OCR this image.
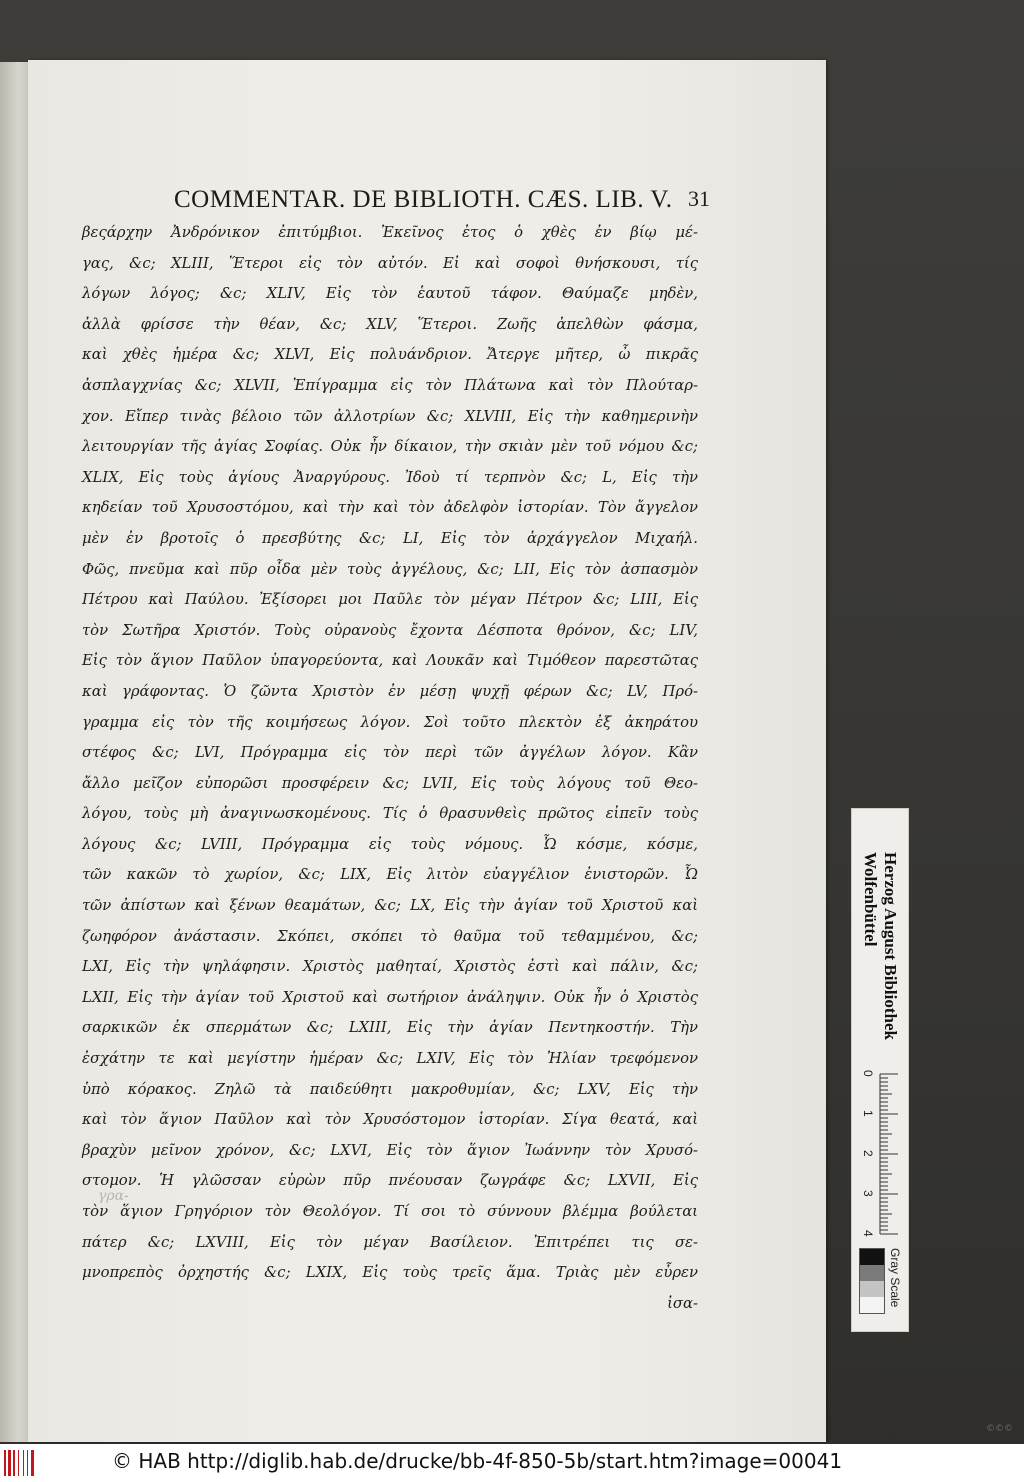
COMMENTAR. DE BIBLIOTH. CÆS. LIB. V. 31
βεςάρχην Ἀνδρόνικον ἐπιτύμβιοι. Ἐκεῖνος ἐτος ὁ χθὲς ἐν βίῳ μέ-
γας, &c; XLIII, Ἕτεροι εἰς τὸν αὐτόν. Εἰ καὶ σοφοὶ θνήσκουσι, τίς
λόγων λόγος; &c; XLIV, Εἰς τὸν ἑαυτοῦ τάφον. Θαύμαζε μηδὲν,
ἀλλὰ φρίσσε τὴν θέαν, &c; XLV, Ἕτεροι. Ζωῆς ἀπελθὼν φάσμα,
καὶ χθὲς ἡμέρα &c; XLVI, Εἰς πολυάνδριον. Ἄτεργε μῆτερ, ὦ πικρᾶς
ἀσπλαγχνίας &c; XLVII, Ἐπίγραμμα εἰς τὸν Πλάτωνα καὶ τὸν Πλούταρ-
χον. Εἴπερ τινὰς βέλοιο τῶν ἀλλοτρίων &c; XLVIII, Εἰς τὴν καθημερινὴν
λειτουργίαν τῆς ἁγίας Σοφίας. Οὐκ ἦν δίκαιον, τὴν σκιὰν μὲν τοῦ νόμου &c;
XLIX, Εἰς τοὺς ἁγίους Ἀναργύρους. Ἰδοὺ τί τερπνὸν &c; L, Εἰς τὴν
κηδείαν τοῦ Χρυσοστόμου, καὶ τὴν καὶ τὸν ἀδελφὸν ἱστορίαν. Τὸν ἄγγελον
μὲν ἐν βροτοῖς ὁ πρεσβύτης &c; LI, Εἰς τὸν ἀρχάγγελον Μιχαήλ.
Φῶς, πνεῦμα καὶ πῦρ οἶδα μὲν τοὺς ἀγγέλους, &c; LII, Εἰς τὸν ἀσπασμὸν
Πέτρου καὶ Παύλου. Ἐξίσορει μοι Παῦλε τὸν μέγαν Πέτρον &c; LIII, Εἰς
τὸν Σωτῆρα Χριστόν. Τοὺς οὐρανοὺς ἔχοντα Δέσποτα θρόνον, &c; LIV,
Εἰς τὸν ἅγιον Παῦλον ὑπαγορεύοντα, καὶ Λουκᾶν καὶ Τιμόθεον παρεστῶτας
καὶ γράφοντας. Ὁ ζῶντα Χριστὸν ἐν μέσῃ ψυχῇ φέρων &c; LV, Πρό-
γραμμα εἰς τὸν τῆς κοιμήσεως λόγον. Σοὶ τοῦτο πλεκτὸν ἐξ ἀκηράτου
στέφος &c; LVI, Πρόγραμμα εἰς τὸν περὶ τῶν ἀγγέλων λόγον. Κἂν
ἄλλο μεῖζον εὐπορῶσι προσφέρειν &c; LVII, Εἰς τοὺς λόγους τοῦ Θεο-
λόγου, τοὺς μὴ ἀναγινωσκομένους. Τίς ὁ θρασυνθεὶς πρῶτος εἰπεῖν τοὺς
λόγους &c; LVIII, Πρόγραμμα εἰς τοὺς νόμους. Ὦ κόσμε, κόσμε,
τῶν κακῶν τὸ χωρίον, &c; LIX, Εἰς λιτὸν εὐαγγέλιον ἐνιστορῶν. Ὦ
τῶν ἀπίστων καὶ ξένων θεαμάτων, &c; LX, Εἰς τὴν ἁγίαν τοῦ Χριστοῦ καὶ
ζωηφόρον ἀνάστασιν. Σκόπει, σκόπει τὸ θαῦμα τοῦ τεθαμμένου, &c;
LXI, Εἰς τὴν ψηλάφησιν. Χριστὸς μαθηταί, Χριστὸς ἐστὶ καὶ πάλιν, &c;
LXII, Εἰς τὴν ἁγίαν τοῦ Χριστοῦ καὶ σωτήριον ἀνάληψιν. Οὐκ ἦν ὁ Χριστὸς
σαρκικῶν ἐκ σπερμάτων &c; LXIII, Εἰς τὴν ἁγίαν Πεντηκοστήν. Τὴν
ἐσχάτην τε καὶ μεγίστην ἡμέραν &c; LXIV, Εἰς τὸν Ἠλίαν τρεφόμενον
ὑπὸ κόρακος. Ζηλῶ τὰ παιδεύθητι μακροθυμίαν, &c; LXV, Εἰς τὴν
καὶ τὸν ἅγιον Παῦλον καὶ τὸν Χρυσόστομον ἱστορίαν. Σίγα θεατά, καὶ
βραχὺν μεῖνον χρόνον, &c; LXVI, Εἰς τὸν ἅγιον Ἰωάννην τὸν Χρυσό-
στομον. Ἡ γλῶσσαν εὑρὼν πῦρ πνέουσαν ζωγράφε &c; LXVII, Εἰς
τὸν ἅγιον Γρηγόριον τὸν Θεολόγον. Τί σοι τὸ σύννουν βλέμμα βούλεται
πάτερ &c; LXVIII, Εἰς τὸν μέγαν Βασίλειον. Ἐπιτρέπει τις σε-
μνοπρεπὸς ὀρχηστής &c; LXIX, Εἰς τοὺς τρεῖς ἅμα. Τριὰς μὲν εὗρεν
ἰσα-
γρα-
Herzog August Bibliothek
Wolfenbüttel
0
1
2
3
4
Gray Scale
©©©
© HAB http://diglib.hab.de/drucke/bb-4f-850-5b/start.htm?image=00041
